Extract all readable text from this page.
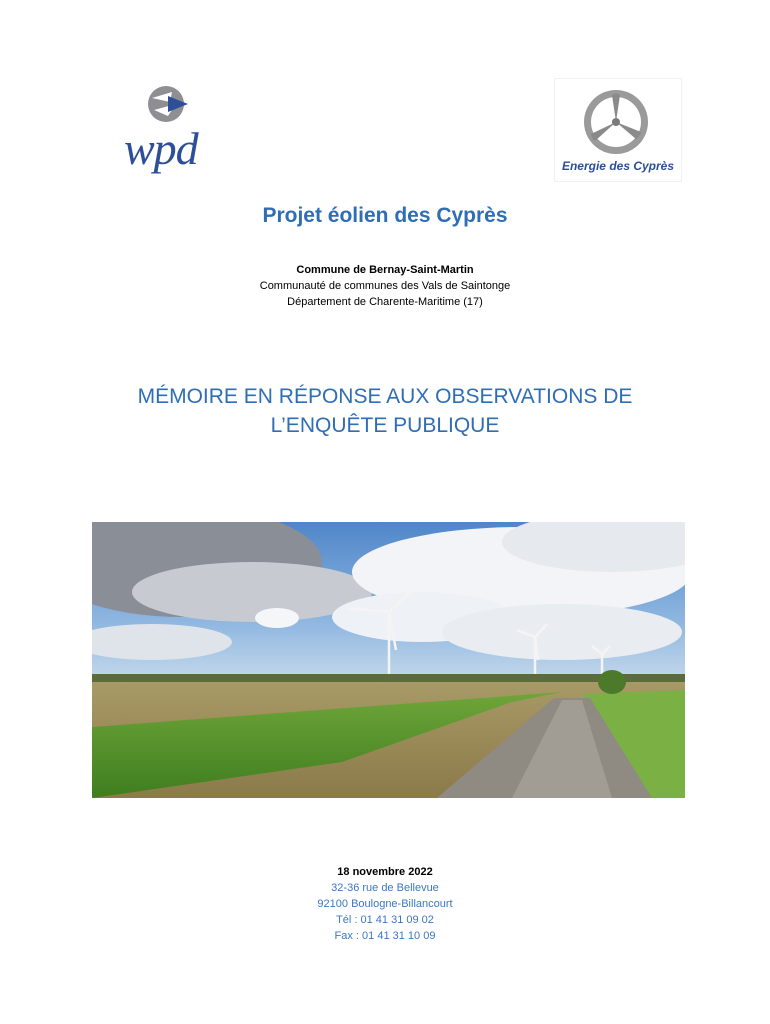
wpd	Energie des Cyprès
Projet éolien des Cyprès
Commune de Bernay-Saint-Martin
Communauté de communes des Vals de Saintonge
Département de Charente-Maritime (17)
MÉMOIRE EN RÉPONSE AUX OBSERVATIONS DE
L’ENQUÊTE PUBLIQUE
18 novembre 2022
32-36 rue de Bellevue
92100 Boulogne-Billancourt
Tél : 01 41 31 09 02
Fax : 01 41 31 10 09
